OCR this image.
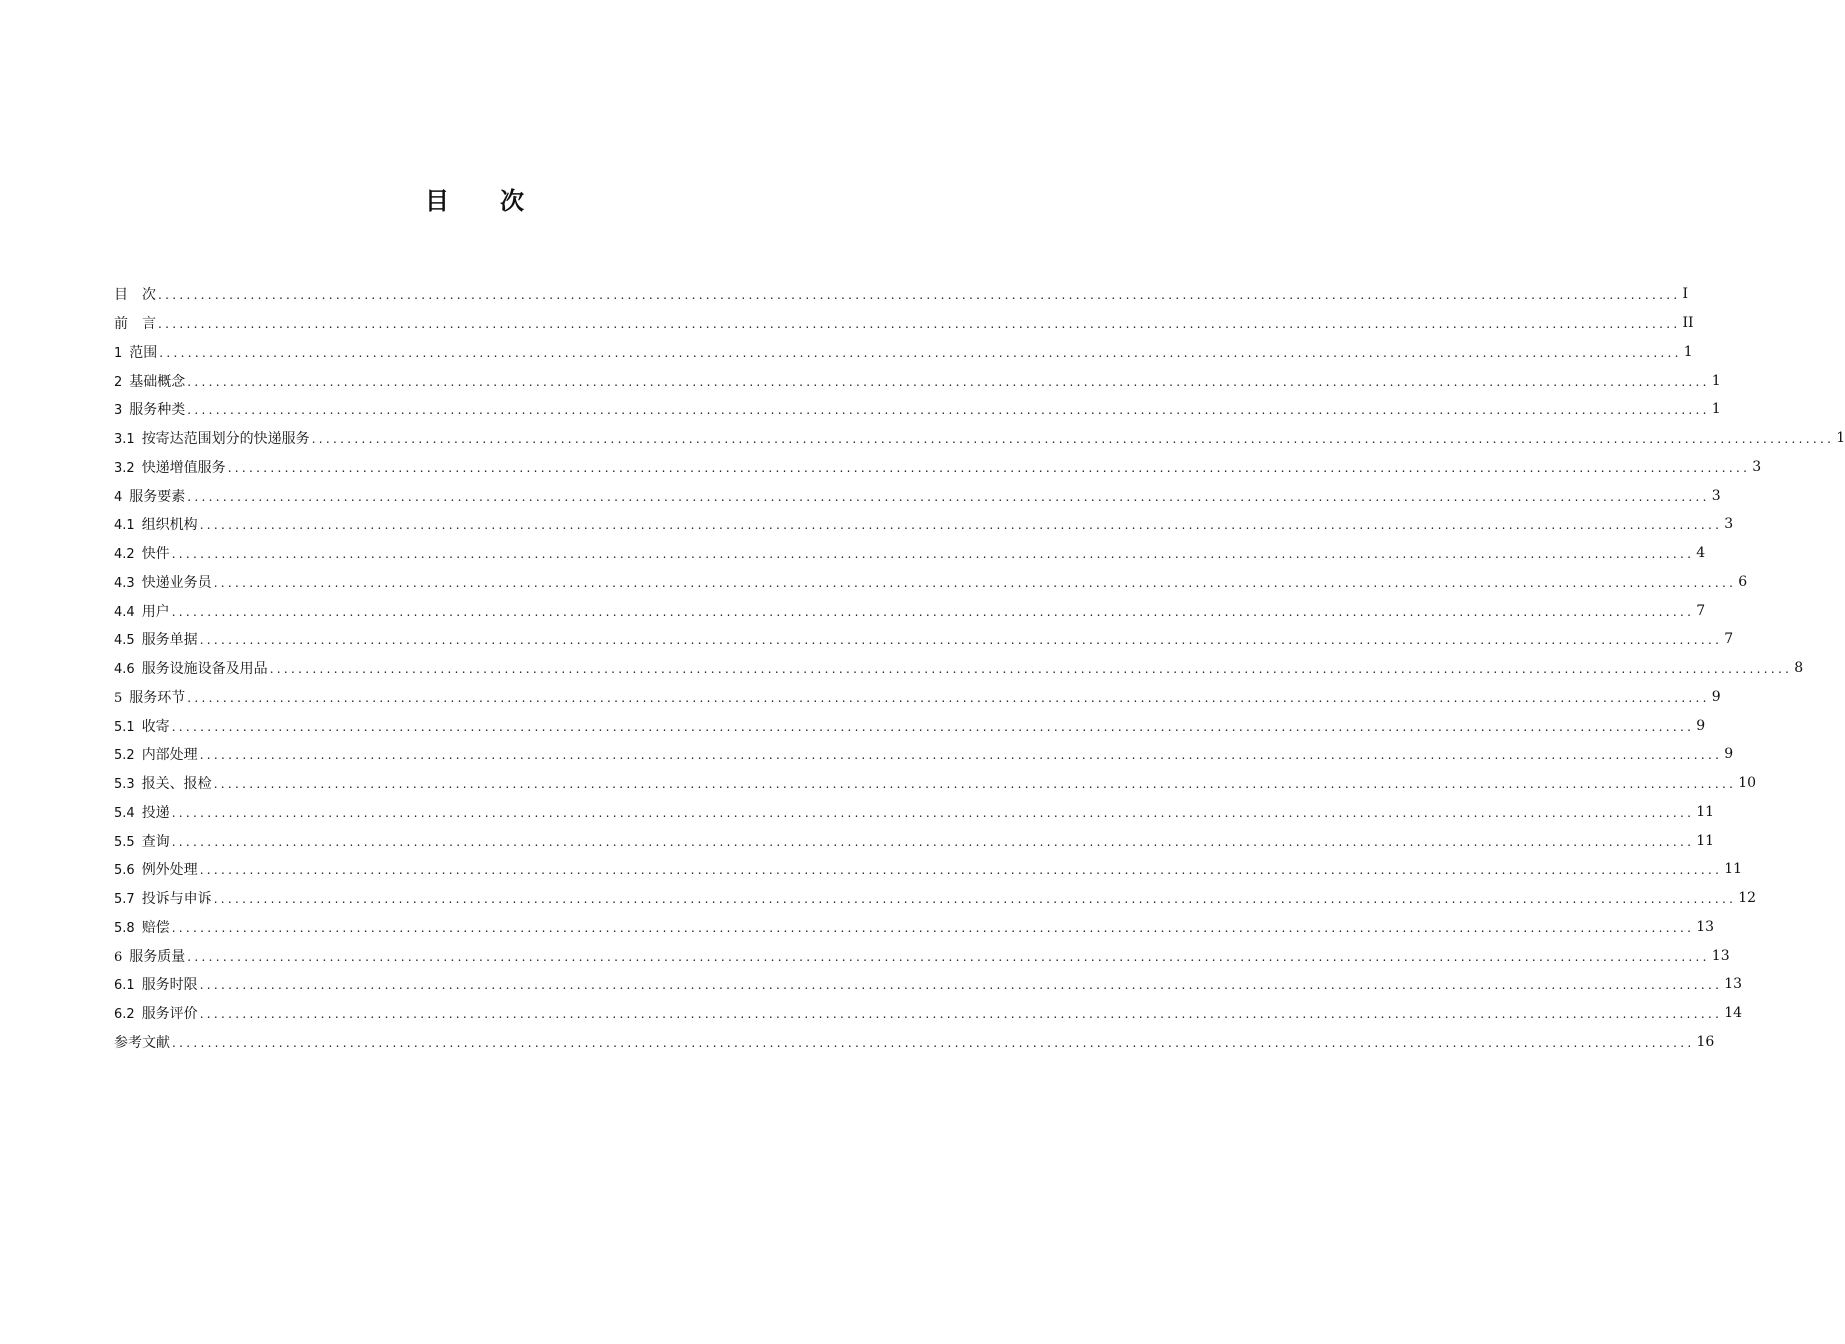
目　　次
目　次 ...................................................................................................................................................................................................................... I
前　言 ...................................................................................................................................................................................................................... II
1 范围 ...................................................................................................................................................................................................................... 1
2 基础概念 ...................................................................................................................................................................................................................... 1
3 服务种类 ...................................................................................................................................................................................................................... 1
3.1 按寄达范围划分的快递服务 ...................................................................................................................................................................................................................... 1
3.2 快递增值服务 ...................................................................................................................................................................................................................... 3
4 服务要素 ...................................................................................................................................................................................................................... 3
4.1 组织机构 ...................................................................................................................................................................................................................... 3
4.2 快件 ...................................................................................................................................................................................................................... 4
4.3 快递业务员 ...................................................................................................................................................................................................................... 6
4.4 用户 ...................................................................................................................................................................................................................... 7
4.5 服务单据 ...................................................................................................................................................................................................................... 7
4.6 服务设施设备及用品 ...................................................................................................................................................................................................................... 8
5 服务环节 ...................................................................................................................................................................................................................... 9
5.1 收寄 ...................................................................................................................................................................................................................... 9
5.2 内部处理 ...................................................................................................................................................................................................................... 9
5.3 报关、报检 ...................................................................................................................................................................................................................... 10
5.4 投递 ...................................................................................................................................................................................................................... 11
5.5 查询 ...................................................................................................................................................................................................................... 11
5.6 例外处理 ...................................................................................................................................................................................................................... 11
5.7 投诉与申诉 ...................................................................................................................................................................................................................... 12
5.8 赔偿 ...................................................................................................................................................................................................................... 13
6 服务质量 ...................................................................................................................................................................................................................... 13
6.1 服务时限 ...................................................................................................................................................................................................................... 13
6.2 服务评价 ...................................................................................................................................................................................................................... 14
参考文献 ...................................................................................................................................................................................................................... 16
